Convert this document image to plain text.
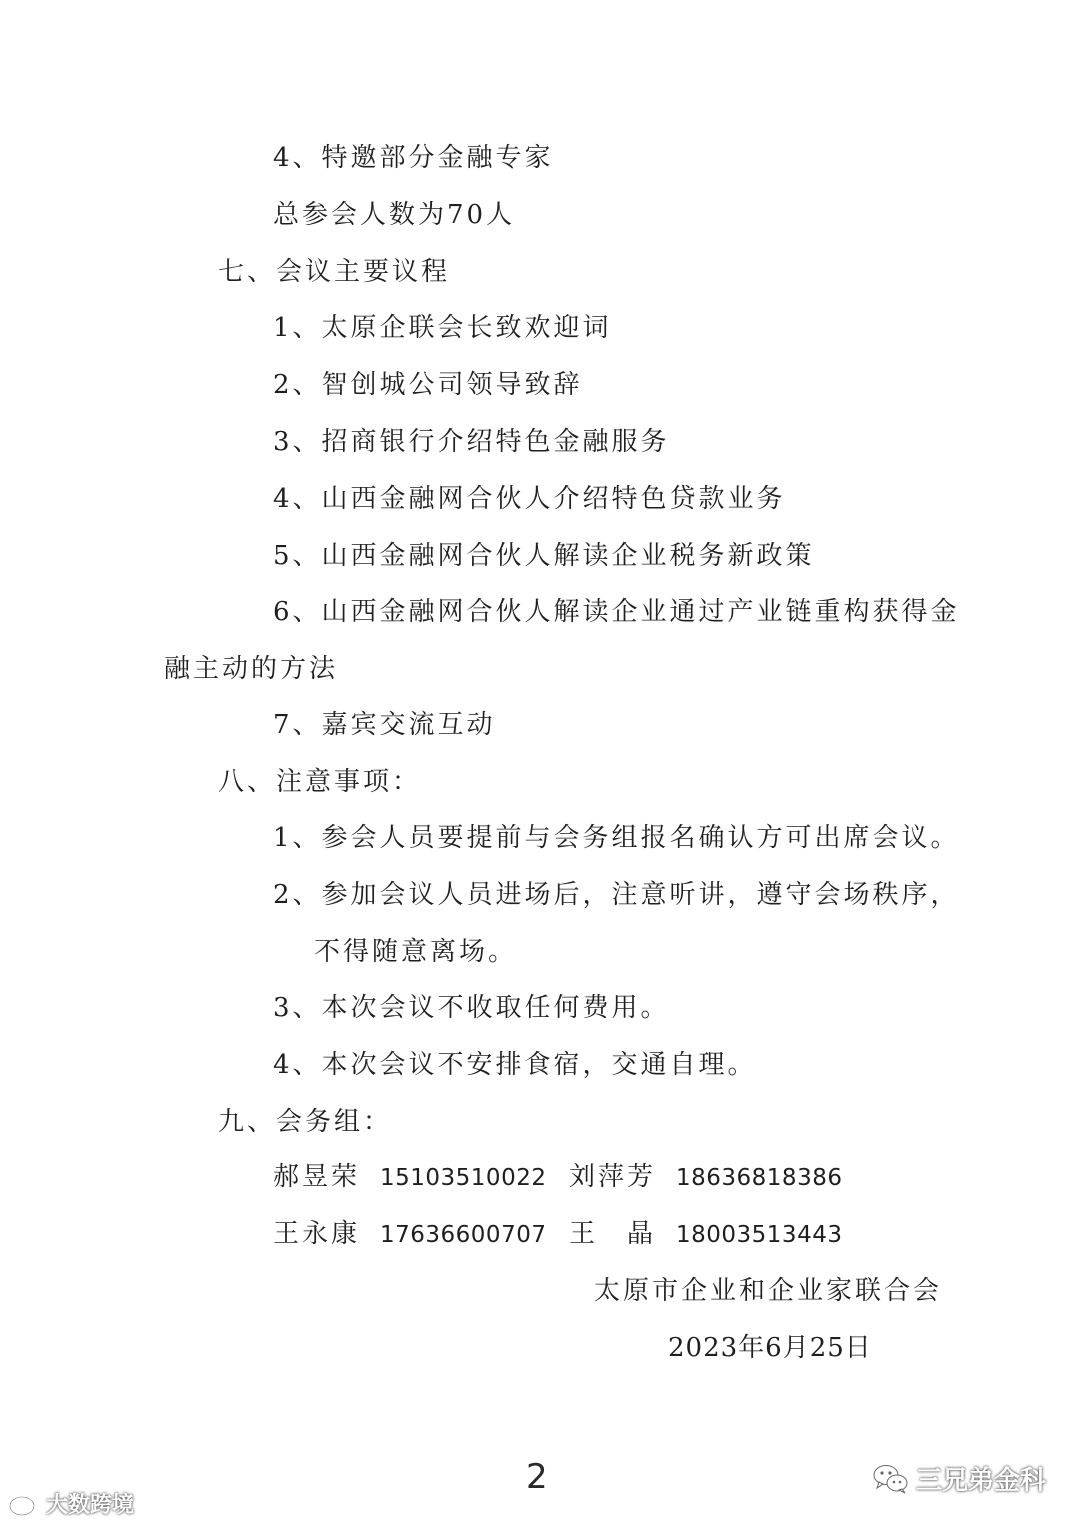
4、特邀部分金融专家
总参会人数为70人
七、会议主要议程
1、太原企联会长致欢迎词
2、智创城公司领导致辞
3、招商银行介绍特色金融服务
4、山西金融网合伙人介绍特色贷款业务
5、山西金融网合伙人解读企业税务新政策
6、山西金融网合伙人解读企业通过产业链重构获得金
融主动的方法
7、嘉宾交流互动
八、注意事项：
1、参会人员要提前与会务组报名确认方可出席会议。
2、参加会议人员进场后，注意听讲，遵守会场秩序，
不得随意离场。
3、本次会议不收取任何费用。
4、本次会议不安排食宿，交通自理。
九、会务组：
郝昱荣 15103510022 刘萍芳 18636818386
王永康 17636600707 王　晶 18003513443
太原市企业和企业家联合会
2023年6月25日
2
大数跨境
三兄弟金科
